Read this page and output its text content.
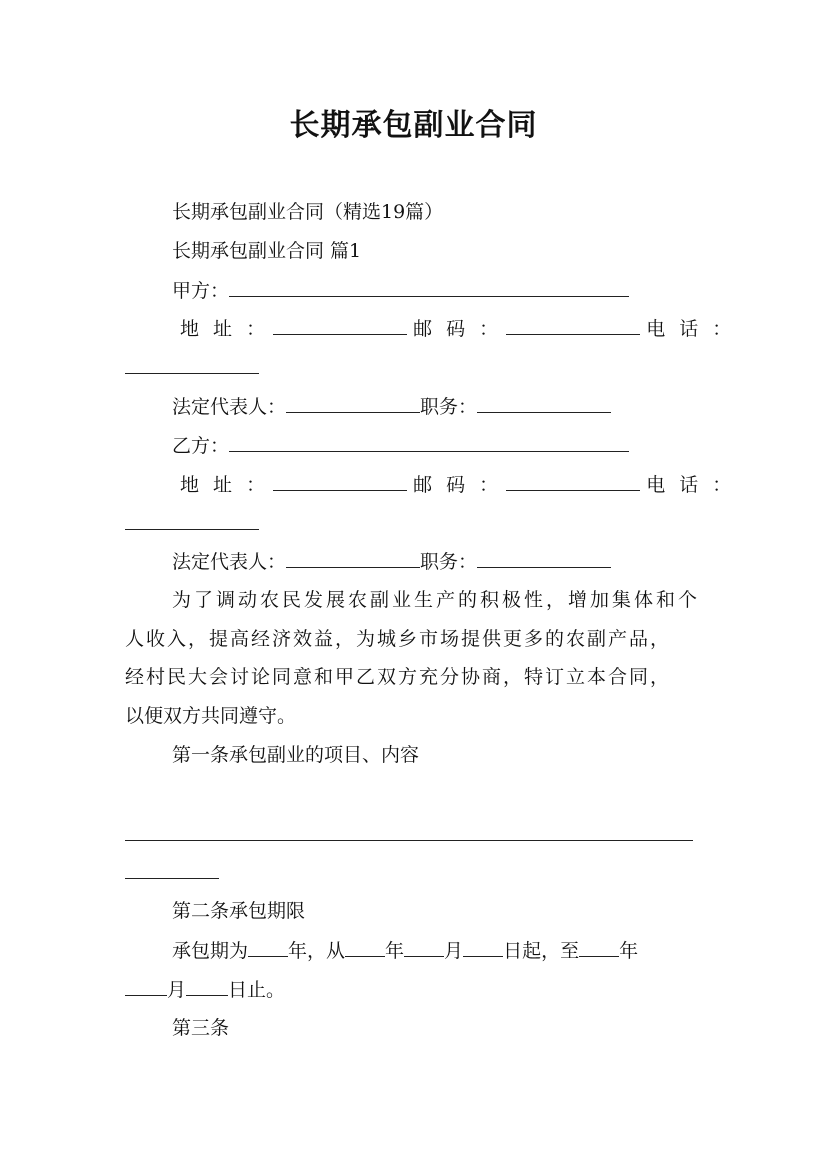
长期承包副业合同
长期承包副业合同（精选19篇）
长期承包副业合同 篇1
甲方：
地 址 ：	邮 码 ：	电 话 ：
法定代表人：	职务：
乙方：
地 址 ：	邮 码 ：	电 话 ：
法定代表人：	职务：
为了调动农民发展农副业生产的积极性，增加集体和个
人收入，提高经济效益，为城乡市场提供更多的农副产品，
经村民大会讨论同意和甲乙双方充分协商，特订立本合同，
以便双方共同遵守。
第一条承包副业的项目、内容
第二条承包期限
承包期为 年，从 年 月 日起，至 年
月 日止。
第三条
